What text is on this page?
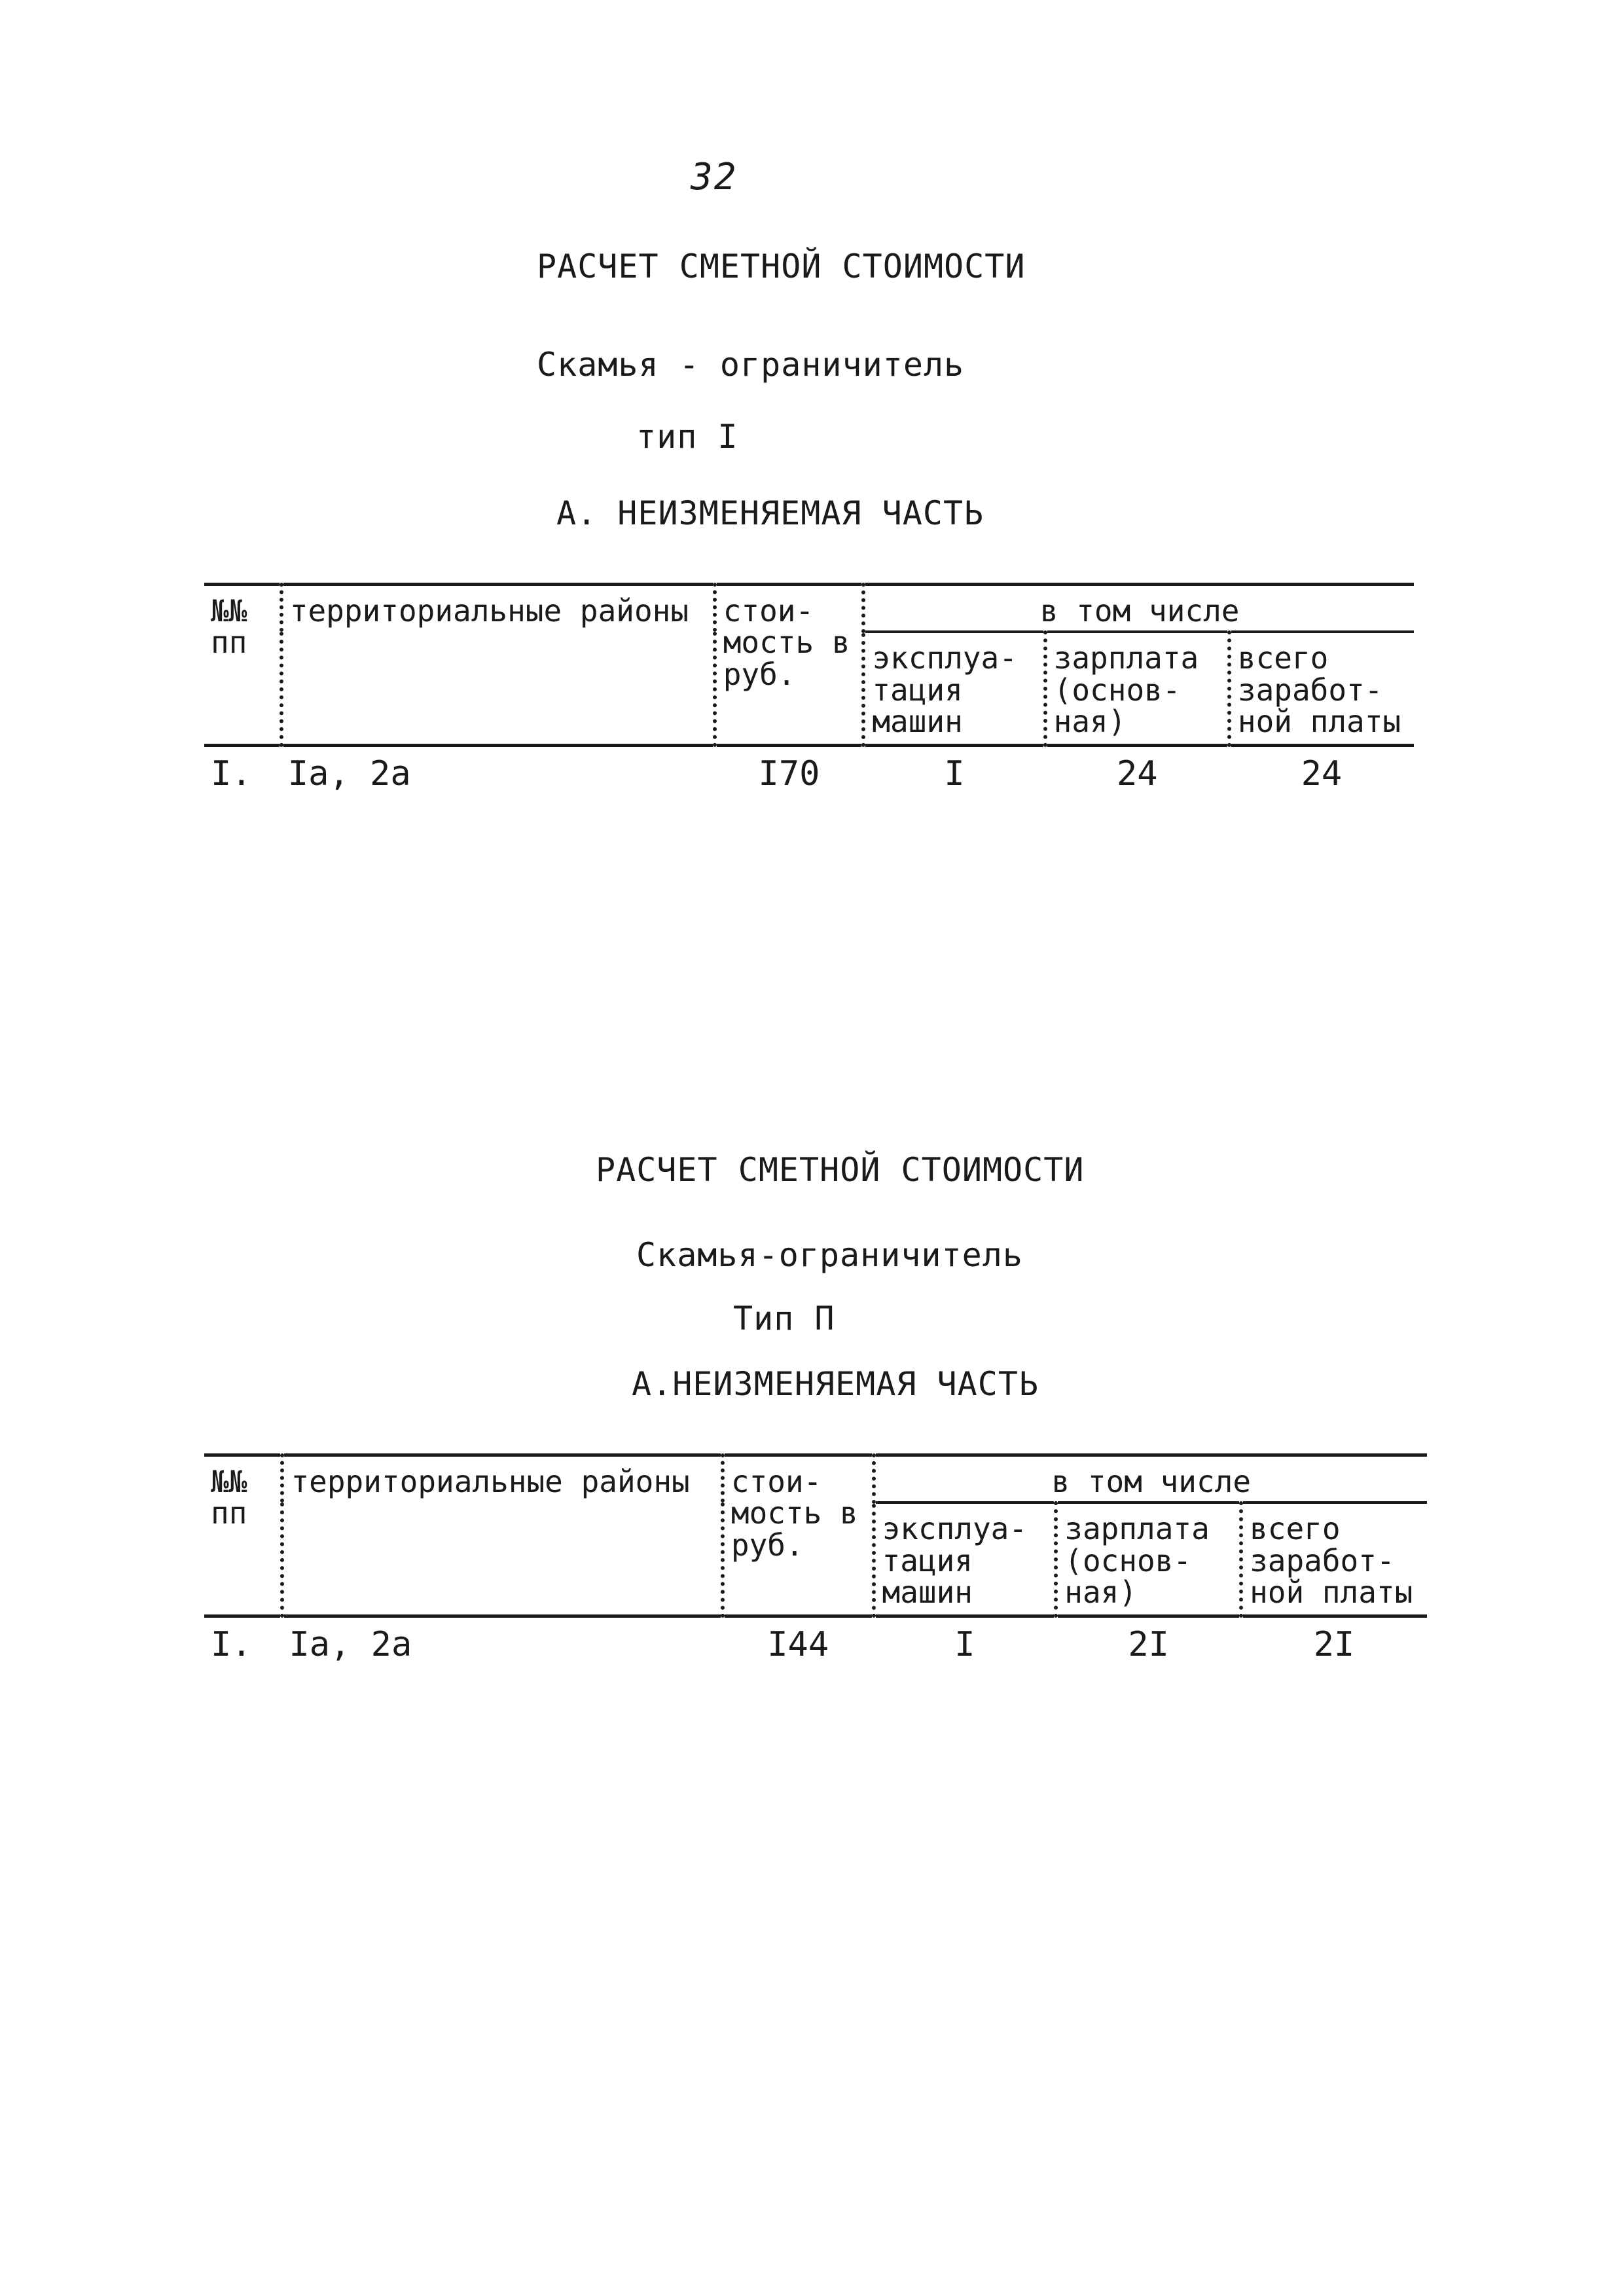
32
РАСЧЕТ СМЕТНОЙ СТОИМОСТИ
Скамья - ограничитель
тип I
А. НЕИЗМЕНЯЕМАЯ ЧАСТЬ
№№ пп	территориальные районы	стои- мость в руб.	в том числе		
			эксплуа- тация машин	зарплата (основ- ная)	всего заработ- ной платы
I.	Iа, 2а	I70	I	24	24
РАСЧЕТ СМЕТНОЙ СТОИМОСТИ
Скамья-ограничитель
Тип П
А.НЕИЗМЕНЯЕМАЯ ЧАСТЬ
№№ пп	территориальные районы	стои- мость в руб.	в том числе		
			эксплуа- тация машин	зарплата (основ- ная)	всего заработ- ной платы
I.	Iа, 2а	I44	I	2I	2I
